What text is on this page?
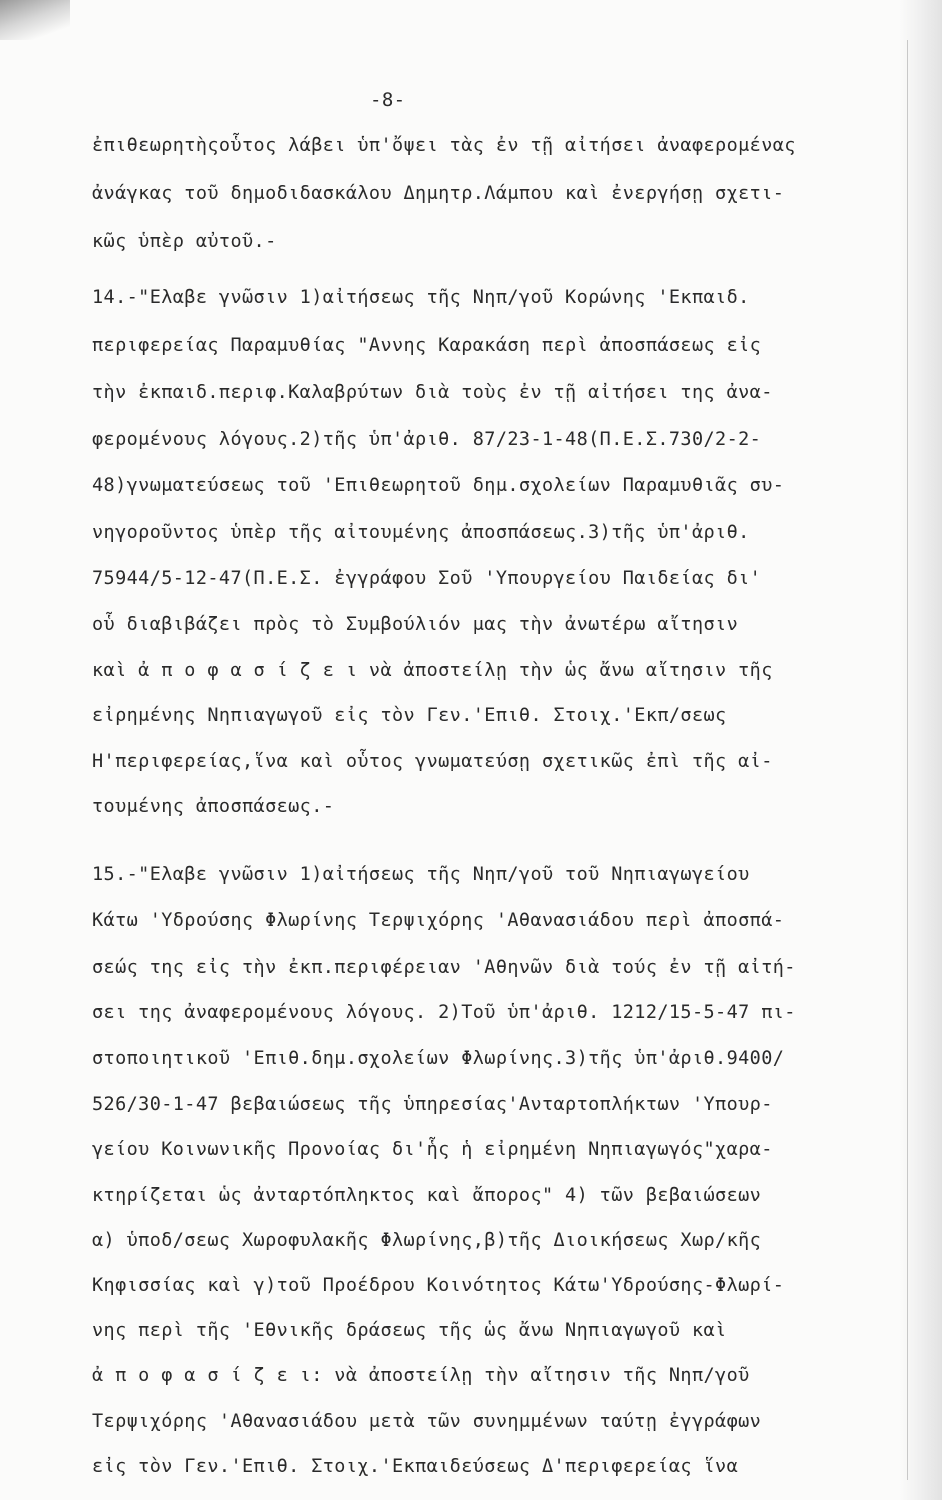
-8-
ἐπιθεωρητὴςοὗτος λάβει ὑπ'ὄψει τὰς ἐν τῇ αἰτήσει ἀναφερομένας
ἀνάγκας τοῦ δημοδιδασκάλου Δημητρ.Λάμπου καὶ ἐνεργήσῃ σχετι-
κῶς ὑπὲρ αὐτοῦ.-
14.-"Ελαβε γνῶσιν 1)αἰτήσεως τῆς Νηπ/γοῦ Κορώνης 'Εκπαιδ.
περιφερείας Παραμυθίας "Αννης Καρακάση περὶ ἀποσπάσεως εἰς
τὴν ἐκπαιδ.περιφ.Καλαβρύτων διὰ τοὺς ἐν τῇ αἰτήσει της ἀνα-
φερομένους λόγους.2)τῆς ὑπ'ἀριθ. 87/23-1-48(Π.Ε.Σ.730/2-2-
48)γνωματεύσεως τοῦ 'Επιθεωρητοῦ δημ.σχολείων Παραμυθιᾶς συ-
νηγοροῦντος ὑπὲρ τῆς αἰτουμένης ἀποσπάσεως.3)τῆς ὑπ'ἀριθ.
75944/5-12-47(Π.Ε.Σ. ἐγγράφου Σοῦ 'Υπουργείου Παιδείας δι'
οὗ διαβιβάζει πρὸς τὸ Συμβούλιόν μας τὴν ἀνωτέρω αἴτησιν
καὶ ἀ π ο φ α σ ί ζ ε ι νὰ ἀποστείλῃ τὴν ὡς ἄνω αἴτησιν τῆς
εἰρημένης Νηπιαγωγοῦ εἰς τὸν Γεν.'Επιθ. Στοιχ.'Εκπ/σεως
Η'περιφερείας,ἵνα καὶ οὗτος γνωματεύσῃ σχετικῶς ἐπὶ τῆς αἰ-
τουμένης ἀποσπάσεως.-
15.-"Ελαβε γνῶσιν 1)αἰτήσεως τῆς Νηπ/γοῦ τοῦ Νηπιαγωγείου
Κάτω 'Υδρούσης Φλωρίνης Τερψιχόρης 'Αθανασιάδου περὶ ἀποσπά-
σεώς της εἰς τὴν ἐκπ.περιφέρειαν 'Αθηνῶν διὰ τούς ἐν τῇ αἰτή-
σει της ἀναφερομένους λόγους. 2)Τοῦ ὑπ'ἀριθ. 1212/15-5-47 πι-
στοποιητικοῦ 'Επιθ.δημ.σχολείων Φλωρίνης.3)τῆς ὑπ'ἀριθ.9400/
526/30-1-47 βεβαιώσεως τῆς ὑπηρεσίας'Ανταρτοπλήκτων 'Υπουρ-
γείου Κοινωνικῆς Προνοίας δι'ἧς ἡ εἰρημένη Νηπιαγωγός"χαρα-
κτηρίζεται ὡς ἀνταρτόπληκτος καὶ ἄπορος" 4) τῶν βεβαιώσεων
α) ὑποδ/σεως Χωροφυλακῆς Φλωρίνης,β)τῆς Διοικήσεως Χωρ/κῆς
Κηφισσίας καὶ γ)τοῦ Προέδρου Κοινότητος Κάτω'Υδρούσης-Φλωρί-
νης περὶ τῆς 'Εθνικῆς δράσεως τῆς ὡς ἄνω Νηπιαγωγοῦ καὶ
ἀ π ο φ α σ ί ζ ε ι: νὰ ἀποστείλῃ τὴν αἴτησιν τῆς Νηπ/γοῦ
Τερψιχόρης 'Αθανασιάδου μετὰ τῶν συνημμένων ταύτῃ ἐγγράφων
εἰς τὸν Γεν.'Επιθ. Στοιχ.'Εκπαιδεύσεως Δ'περιφερείας ἵνα
